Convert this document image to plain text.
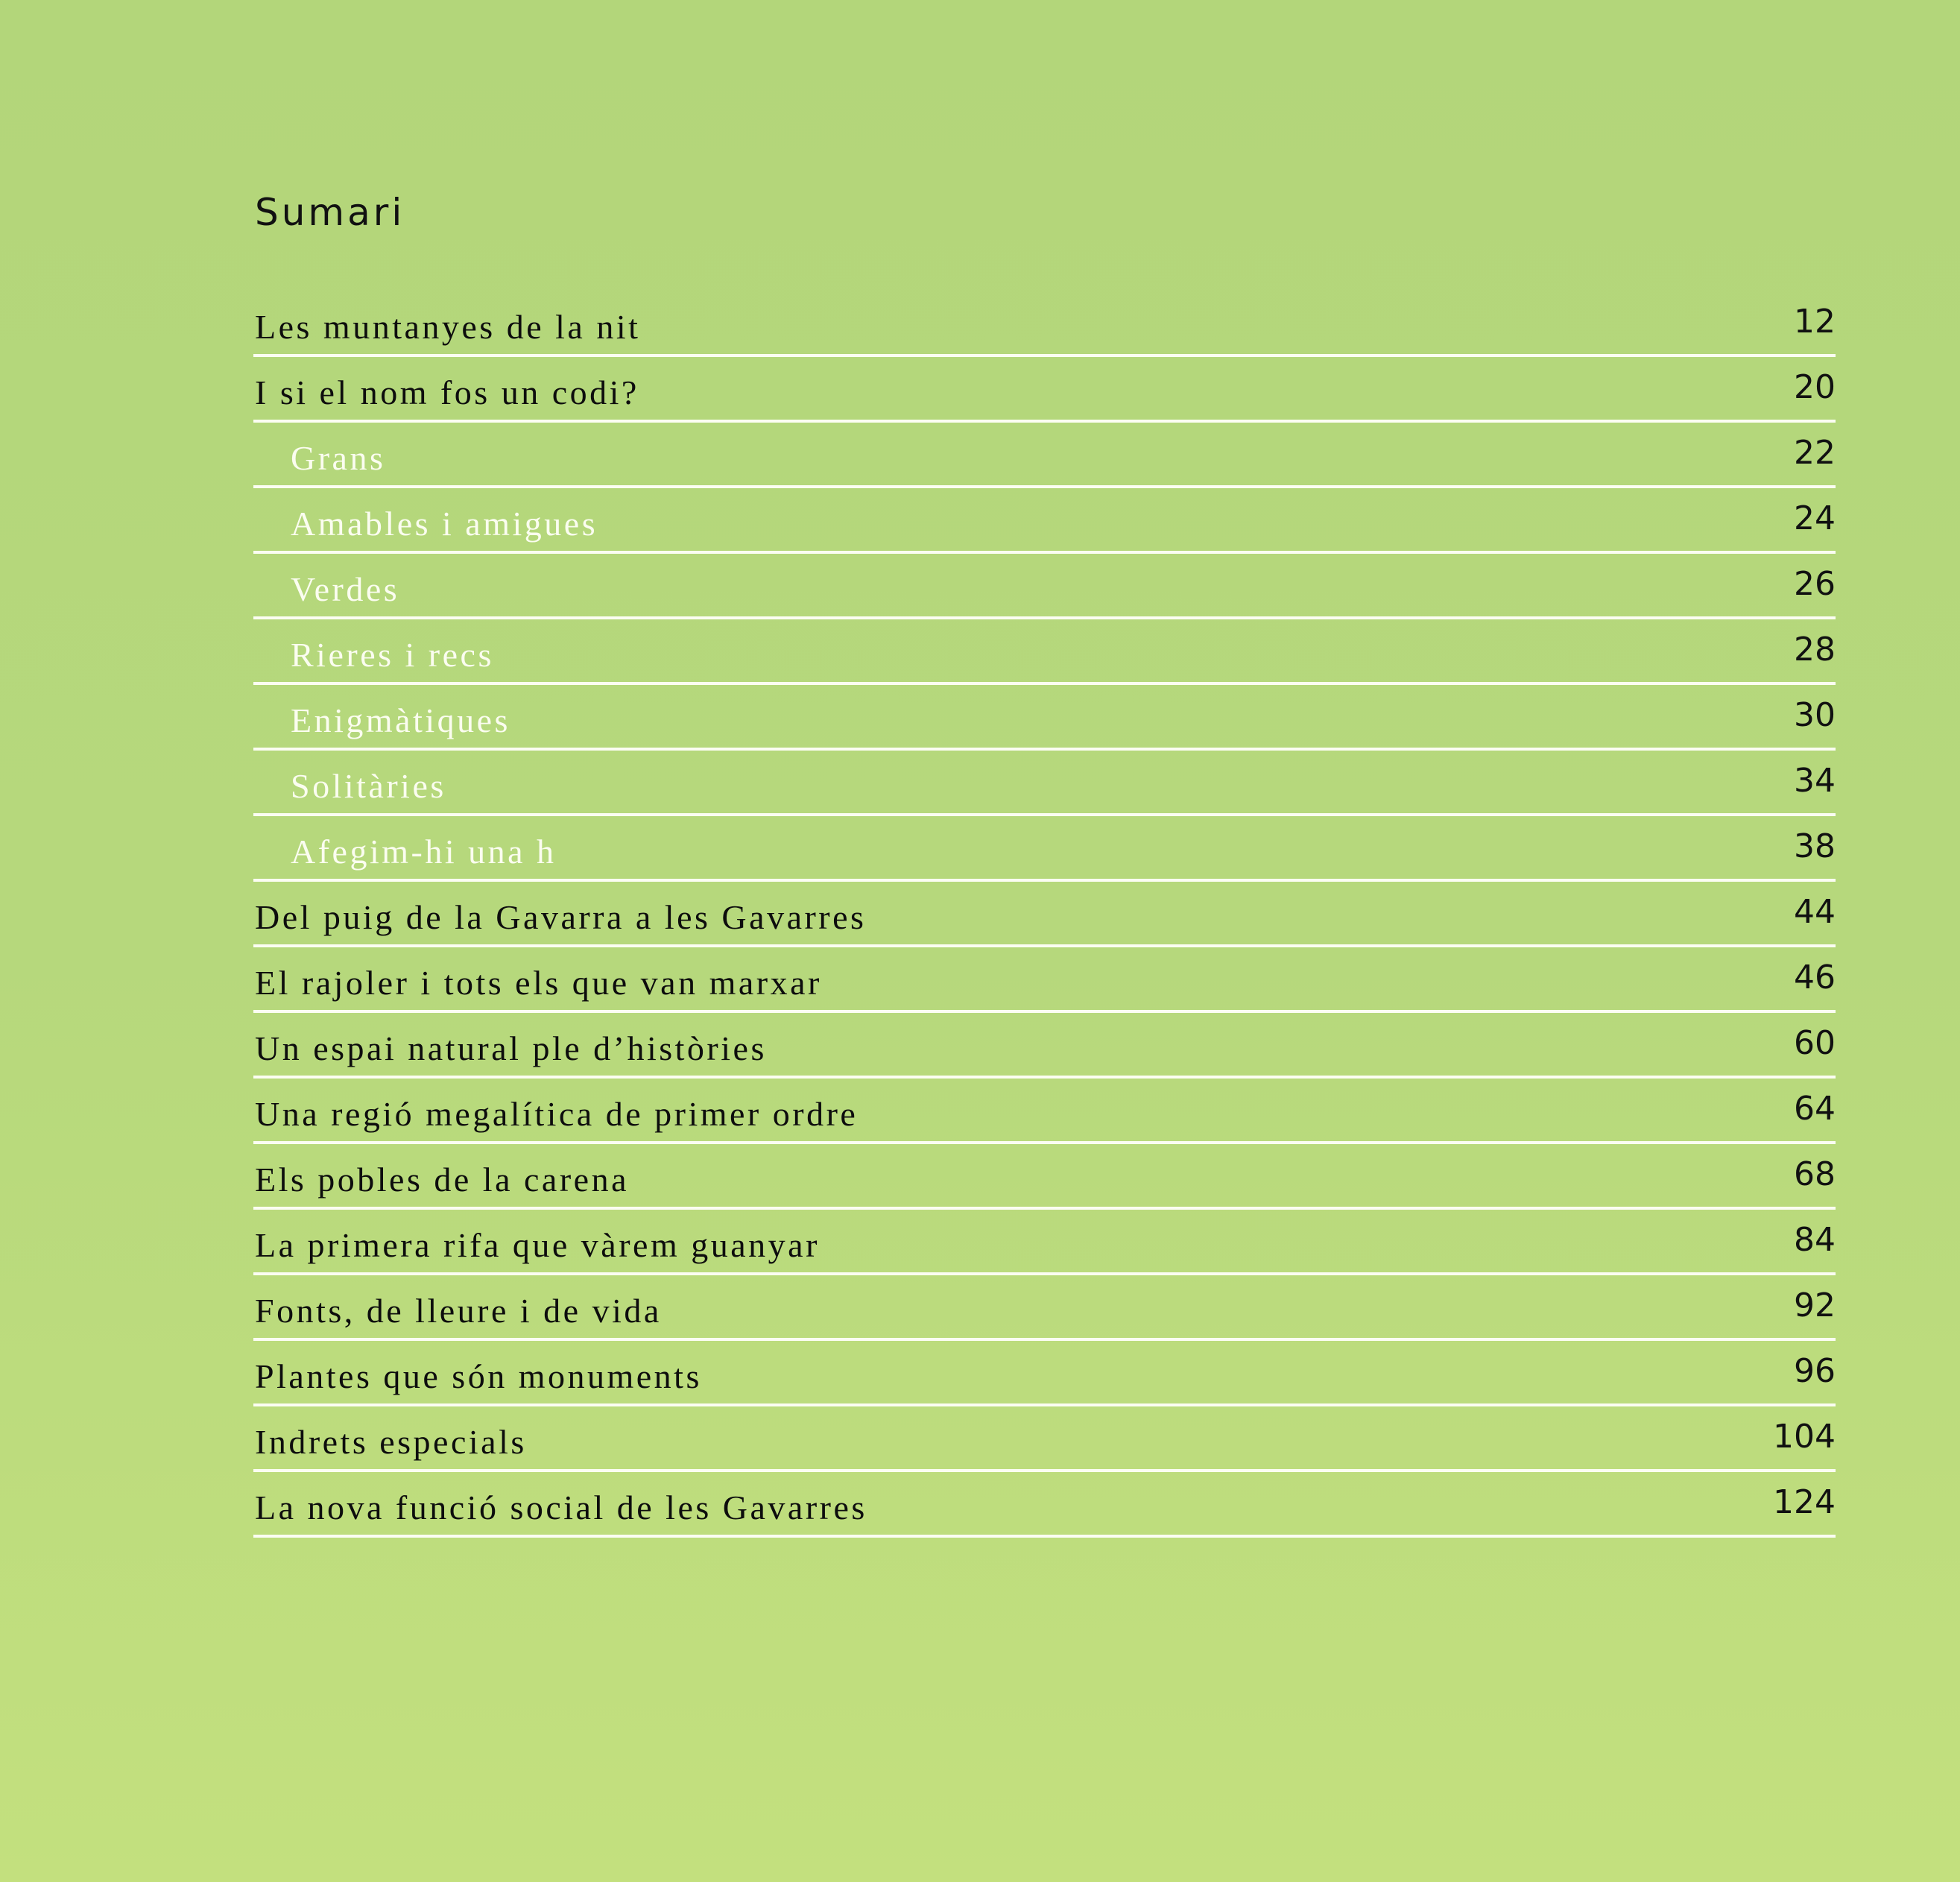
Sumari
Les muntanyes de la nit	12
I si el nom fos un codi?	20
Grans	22
Amables i amigues	24
Verdes	26
Rieres i recs	28
Enigmàtiques	30
Solitàries	34
Afegim-hi una h	38
Del puig de la Gavarra a les Gavarres	44
El rajoler i tots els que van marxar	46
Un espai natural ple d’històries	60
Una regió megalítica de primer ordre	64
Els pobles de la carena	68
La primera rifa que vàrem guanyar	84
Fonts, de lleure i de vida	92
Plantes que són monuments	96
Indrets especials	104
La nova funció social de les Gavarres	124
